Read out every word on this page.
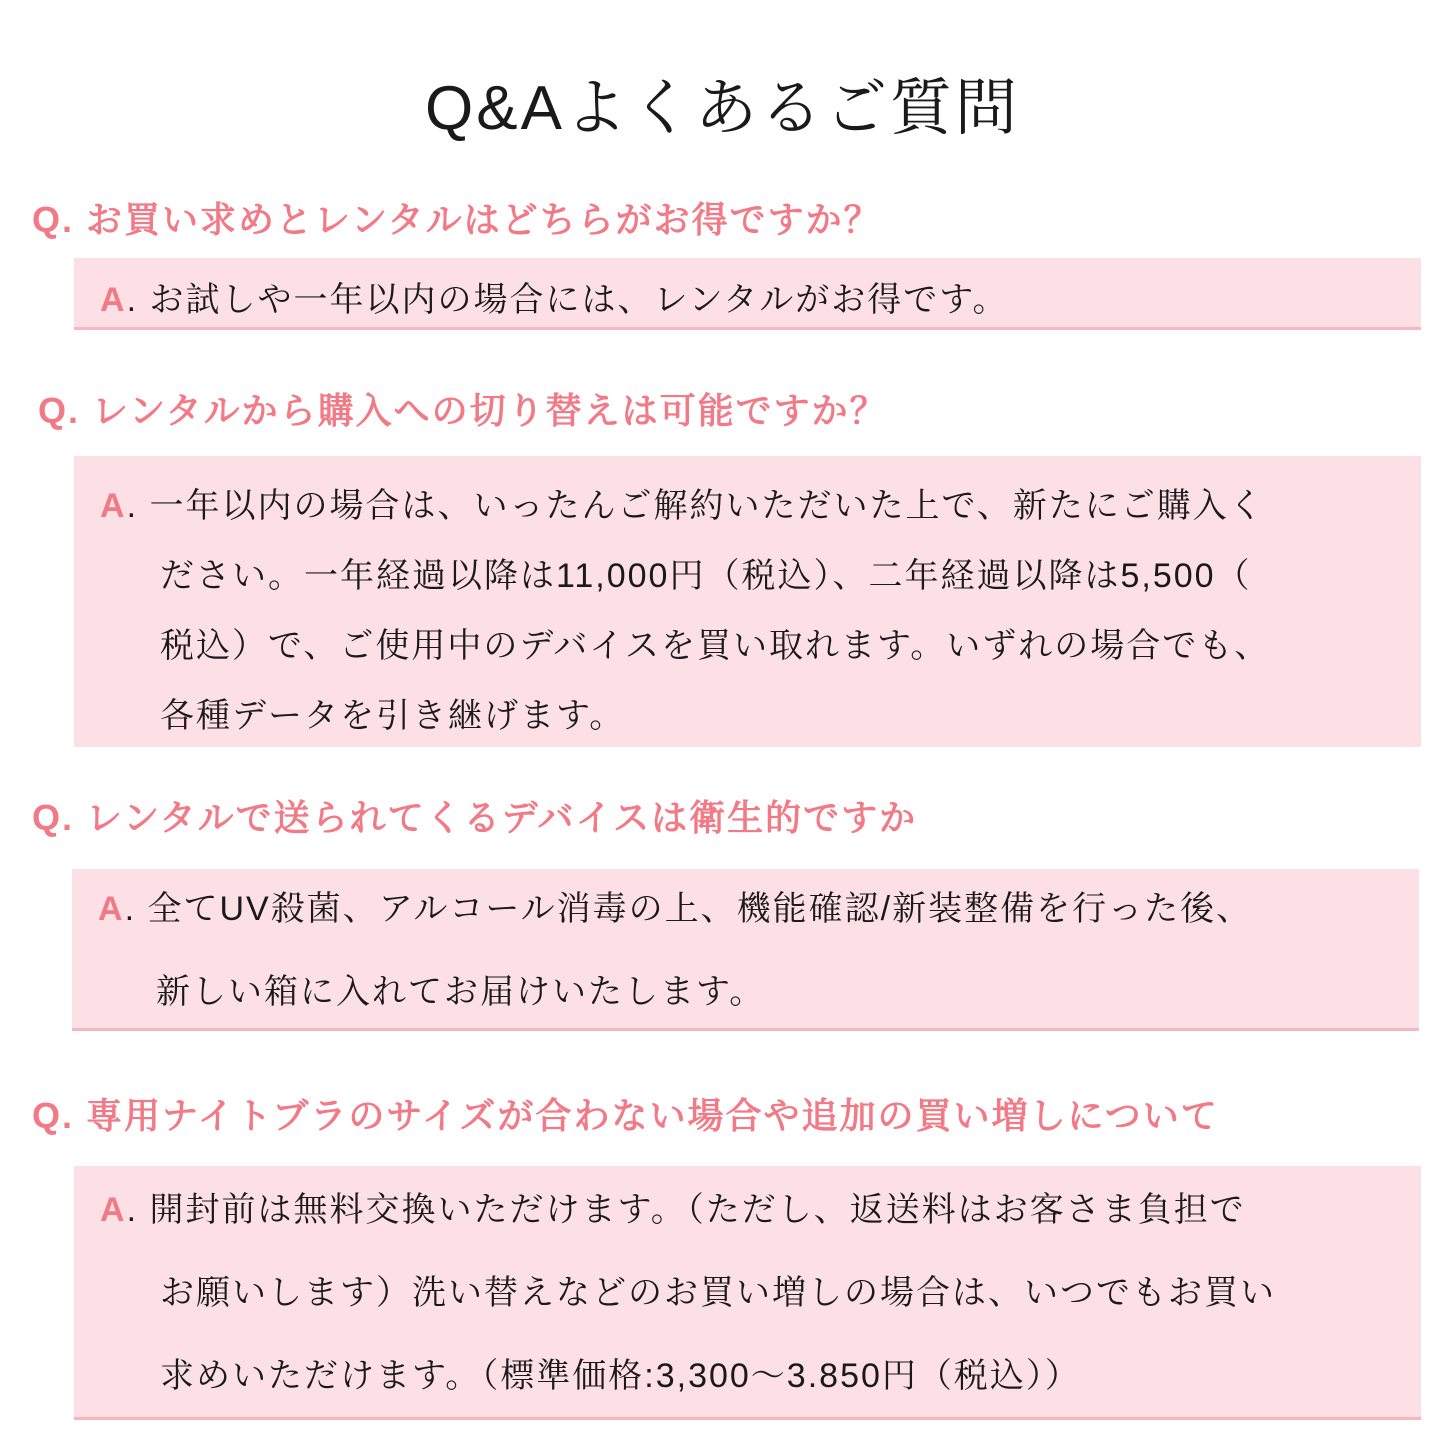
Q&Aよくあるご質問
Q. お買い求めとレンタルはどちらがお得ですか？
A. お試しや一年以内の場合には、レンタルがお得です。
Q. レンタルから購入への切り替えは可能ですか？
A. 一年以内の場合は、いったんご解約いただいた上で、新たにご購入く
ださい。一年経過以降は11,000円（税込）、二年経過以降は5,500（
税込）で、ご使用中のデバイスを買い取れます。いずれの場合でも、
各種データを引き継げます。
Q. レンタルで送られてくるデバイスは衛生的ですか
A. 全てUV殺菌、アルコール消毒の上、機能確認/新装整備を行った後、
新しい箱に入れてお届けいたします。
Q. 専用ナイトブラのサイズが合わない場合や追加の買い増しについて
A. 開封前は無料交換いただけます。（ただし、返送料はお客さま負担で
お願いします）洗い替えなどのお買い増しの場合は、いつでもお買い
求めいただけます。（標準価格:3,300〜3.850円（税込））
